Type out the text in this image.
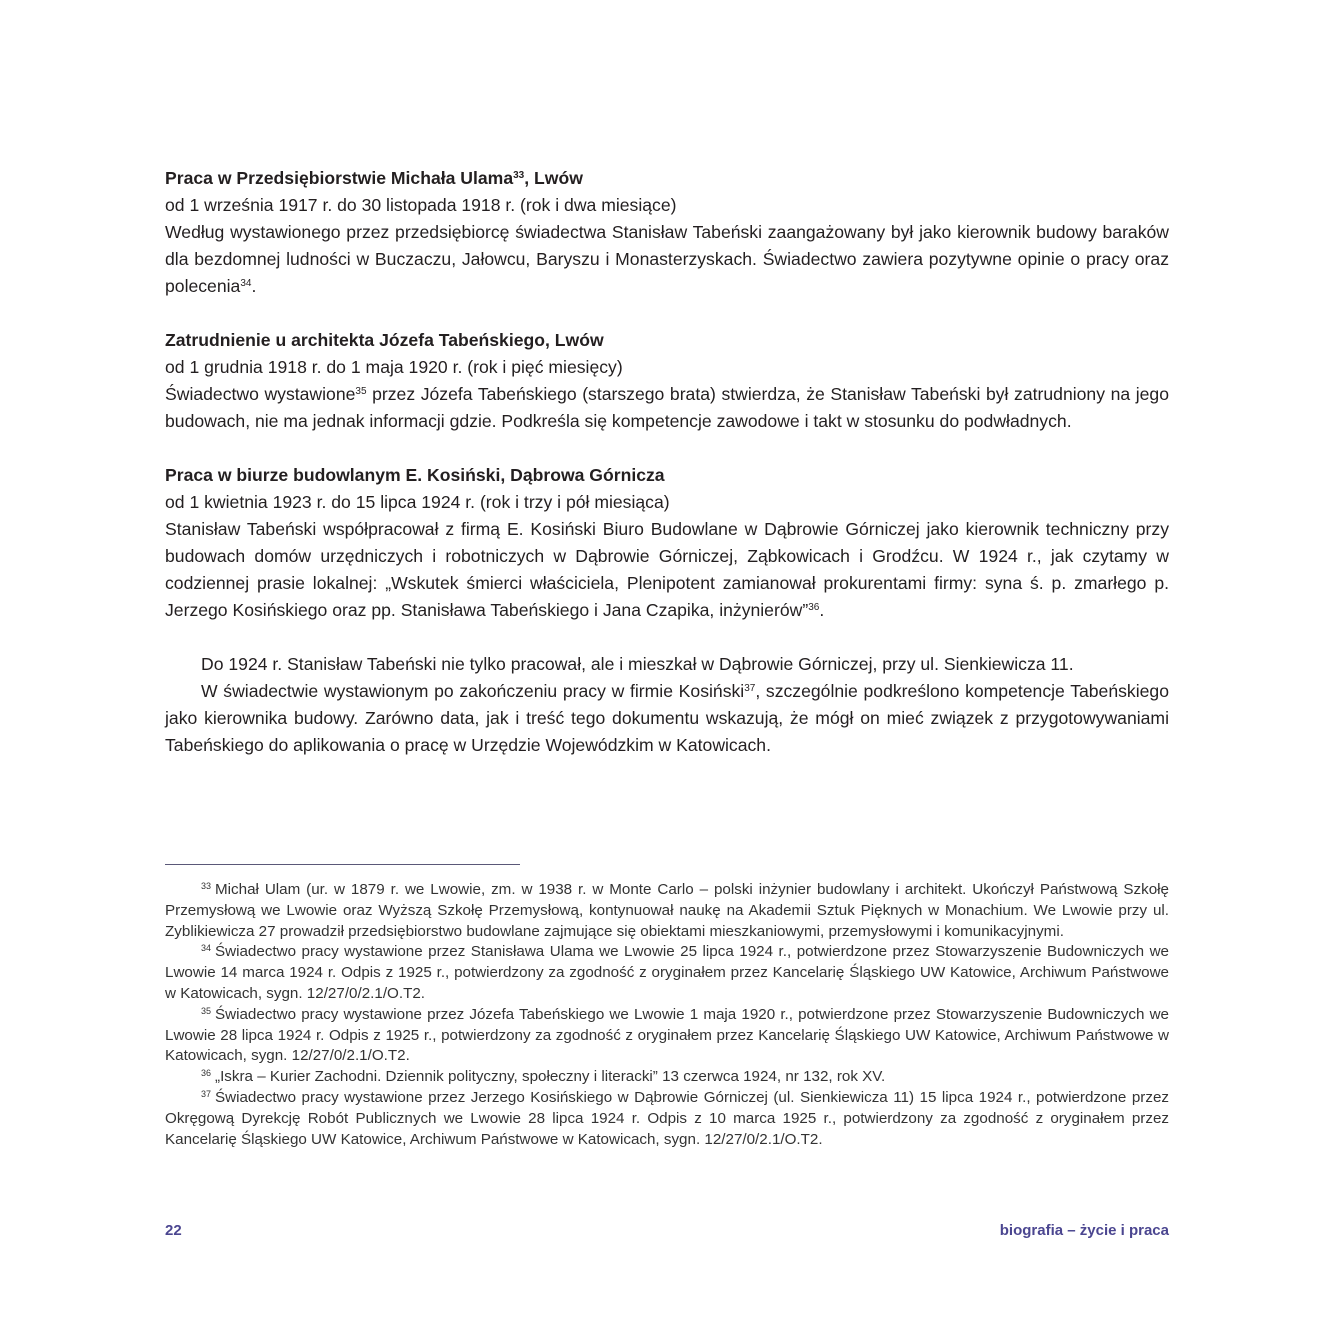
Praca w Przedsiębiorstwie Michała Ulama$^{33}$, Lwów

od 1 września 1917 r. do 30 listopada 1918 r. (rok i dwa miesiące)

Według wystawionego przez przedsiębiorcę świadectwa Stanisław Tabeński zaangażowany był jako kierownik budowy baraków dla bezdomnej ludności w Buczaczu, Jałowcu, Baryszu i Monasterzyskach. Świadectwo zawiera pozytywne opinie o pracy oraz polecenia$^{34}$.

Zatrudnienie u architekta Józefa Tabeńskiego, Lwów

od 1 grudnia 1918 r. do 1 maja 1920 r. (rok i pięć miesięcy)

Świadectwo wystawione$^{35}$ przez Józefa Tabeńskiego (starszego brata) stwierdza, że Stanisław Tabeński był zatrudniony na jego budowach, nie ma jednak informacji gdzie. Podkreśla się kompetencje zawodowe i takt w stosunku do podwładnych.

Praca w biurze budowlanym E. Kosiński, Dąbrowa Górnicza

od 1 kwietnia 1923 r. do 15 lipca 1924 r. (rok i trzy i pół miesiąca)

Stanisław Tabeński współpracował z firmą E. Kosiński Biuro Budowlane w Dąbrowie Górniczej jako kierownik techniczny przy budowach domów urzędniczych i robotniczych w Dąbrowie Górniczej, Ząbkowicach i Grodźcu. W 1924 r., jak czytamy w codziennej prasie lokalnej: „Wskutek śmierci właściciela, Plenipotent zamianował prokurentami firmy: syna ś. p. zmarłego p. Jerzego Kosińskiego oraz pp. Stanisława Tabeńskiego i Jana Czapika, inżynierów”$^{36}$.

Do 1924 r. Stanisław Tabeński nie tylko pracował, ale i mieszkał w Dąbrowie Górniczej, przy ul. Sienkiewicza 11.

W świadectwie wystawionym po zakończeniu pracy w firmie Kosiński$^{37}$, szczególnie podkreślono kompetencje Tabeńskiego jako kierownika budowy. Zarówno data, jak i treść tego dokumentu wskazują, że mógł on mieć związek z przygotowywaniami Tabeńskiego do aplikowania o pracę w Urzędzie Wojewódzkim w Katowicach.

$^{33}$ Michał Ulam (ur. w 1879 r. we Lwowie, zm. w 1938 r. w Monte Carlo – polski inżynier budowlany i architekt. Ukończył Państwową Szkołę Przemysłową we Lwowie oraz Wyższą Szkołę Przemysłową, kontynuował naukę na Akademii Sztuk Pięknych w Monachium. We Lwowie przy ul. Zyblikiewicza 27 prowadził przedsiębiorstwo budowlane zajmujące się obiektami mieszkaniowymi, przemysłowymi i komunikacyjnymi.

$^{34}$ Świadectwo pracy wystawione przez Stanisława Ulama we Lwowie 25 lipca 1924 r., potwierdzone przez Stowarzyszenie Budowniczych we Lwowie 14 marca 1924 r. Odpis z 1925 r., potwierdzony za zgodność z oryginałem przez Kancelarię Śląskiego UW Katowice, Archiwum Państwowe w Katowicach, sygn. 12/27/0/2.1/O.T2.

$^{35}$ Świadectwo pracy wystawione przez Józefa Tabeńskiego we Lwowie 1 maja 1920 r., potwierdzone przez Stowarzyszenie Budowniczych we Lwowie 28 lipca 1924 r. Odpis z 1925 r., potwierdzony za zgodność z oryginałem przez Kancelarię Śląskiego UW Katowice, Archiwum Państwowe w Katowicach, sygn. 12/27/0/2.1/O.T2.

$^{36}$ „Iskra – Kurier Zachodni. Dziennik polityczny, społeczny i literacki” 13 czerwca 1924, nr 132, rok XV.

$^{37}$ Świadectwo pracy wystawione przez Jerzego Kosińskiego w Dąbrowie Górniczej (ul. Sienkiewicza 11) 15 lipca 1924 r., potwierdzone przez Okręgową Dyrekcję Robót Publicznych we Lwowie 28 lipca 1924 r. Odpis z 10 marca 1925 r., potwierdzony za zgodność z oryginałem przez Kancelarię Śląskiego UW Katowice, Archiwum Państwowe w Katowicach, sygn. 12/27/0/2.1/O.T2.

22	biografia – życie i praca
